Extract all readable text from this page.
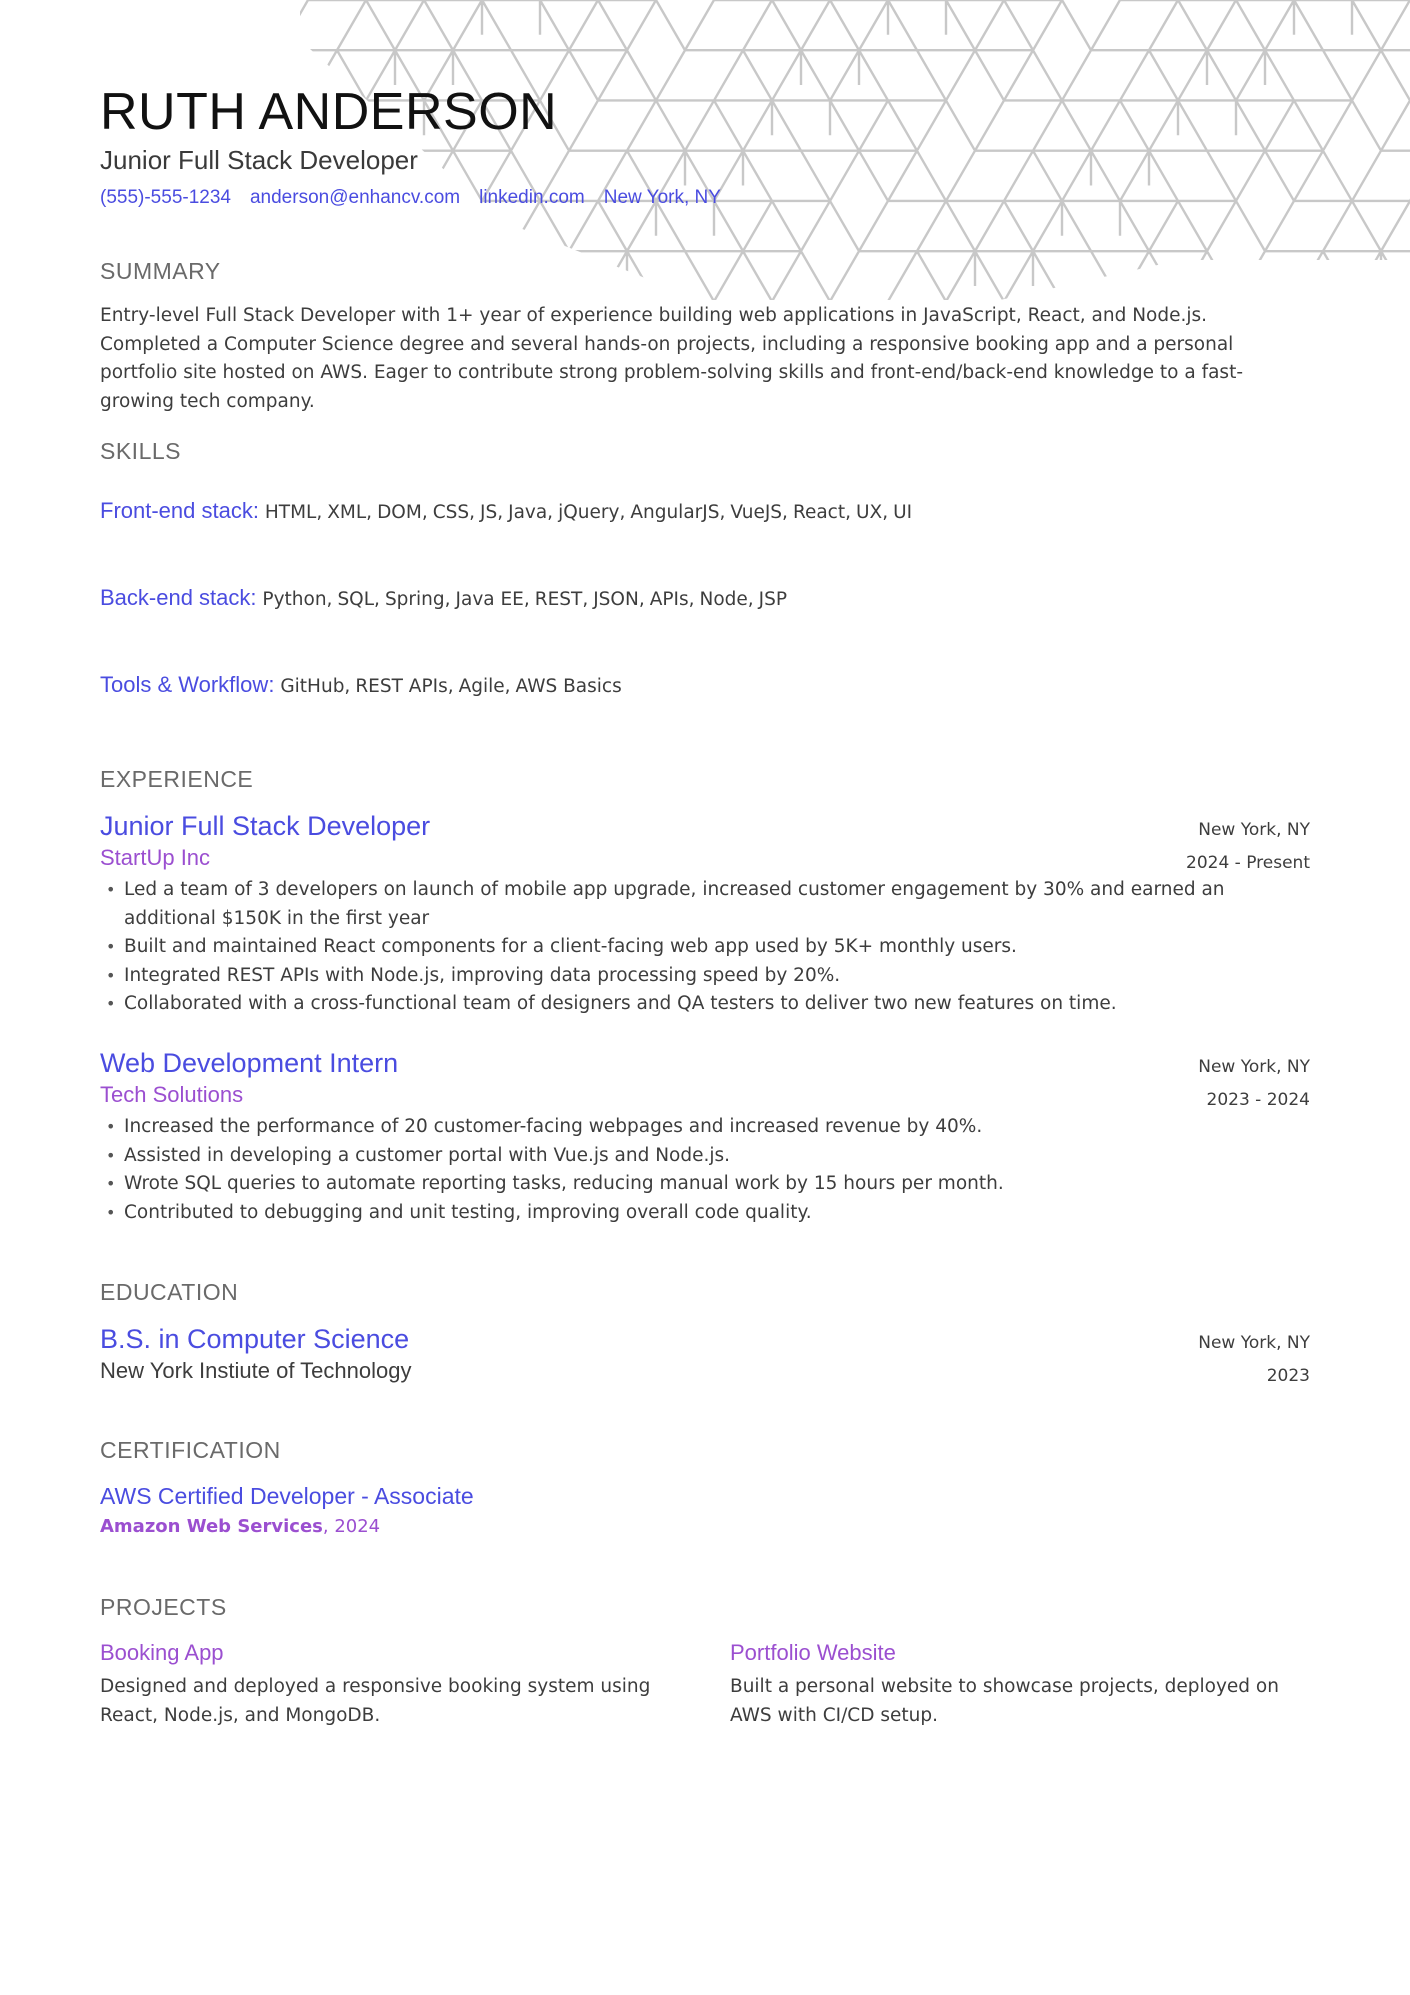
RUTH ANDERSON
Junior Full Stack Developer
(555)-555-1234 anderson@enhancv.com linkedin.com New York, NY
SUMMARY
Entry-level Full Stack Developer with 1+ year of experience building web applications in JavaScript, React, and Node.js. Completed a Computer Science degree and several hands-on projects, including a responsive booking app and a personal portfolio site hosted on AWS. Eager to contribute strong problem-solving skills and front-end/back-end knowledge to a fast-growing tech company.
SKILLS
Front-end stack: HTML, XML, DOM, CSS, JS, Java, jQuery, AngularJS, VueJS, React, UX, UI
Back-end stack: Python, SQL, Spring, Java EE, REST, JSON, APIs, Node, JSP
Tools & Workflow: GitHub, REST APIs, Agile, AWS Basics
EXPERIENCE
Junior Full Stack Developer
StartUp Inc
New York, NY
2024 - Present
• Led a team of 3 developers on launch of mobile app upgrade, increased customer engagement by 30% and earned an additional $150K in the first year
• Built and maintained React components for a client-facing web app used by 5K+ monthly users.
• Integrated REST APIs with Node.js, improving data processing speed by 20%.
• Collaborated with a cross-functional team of designers and QA testers to deliver two new features on time.
Web Development Intern
Tech Solutions
New York, NY
2023 - 2024
• Increased the performance of 20 customer-facing webpages and increased revenue by 40%.
• Assisted in developing a customer portal with Vue.js and Node.js.
• Wrote SQL queries to automate reporting tasks, reducing manual work by 15 hours per month.
• Contributed to debugging and unit testing, improving overall code quality.
EDUCATION
B.S. in Computer Science
New York Instiute of Technology
New York, NY
2023
CERTIFICATION
AWS Certified Developer - Associate
Amazon Web Services, 2024
PROJECTS
Booking App
Designed and deployed a responsive booking system using React, Node.js, and MongoDB.
Portfolio Website
Built a personal website to showcase projects, deployed on AWS with CI/CD setup.
